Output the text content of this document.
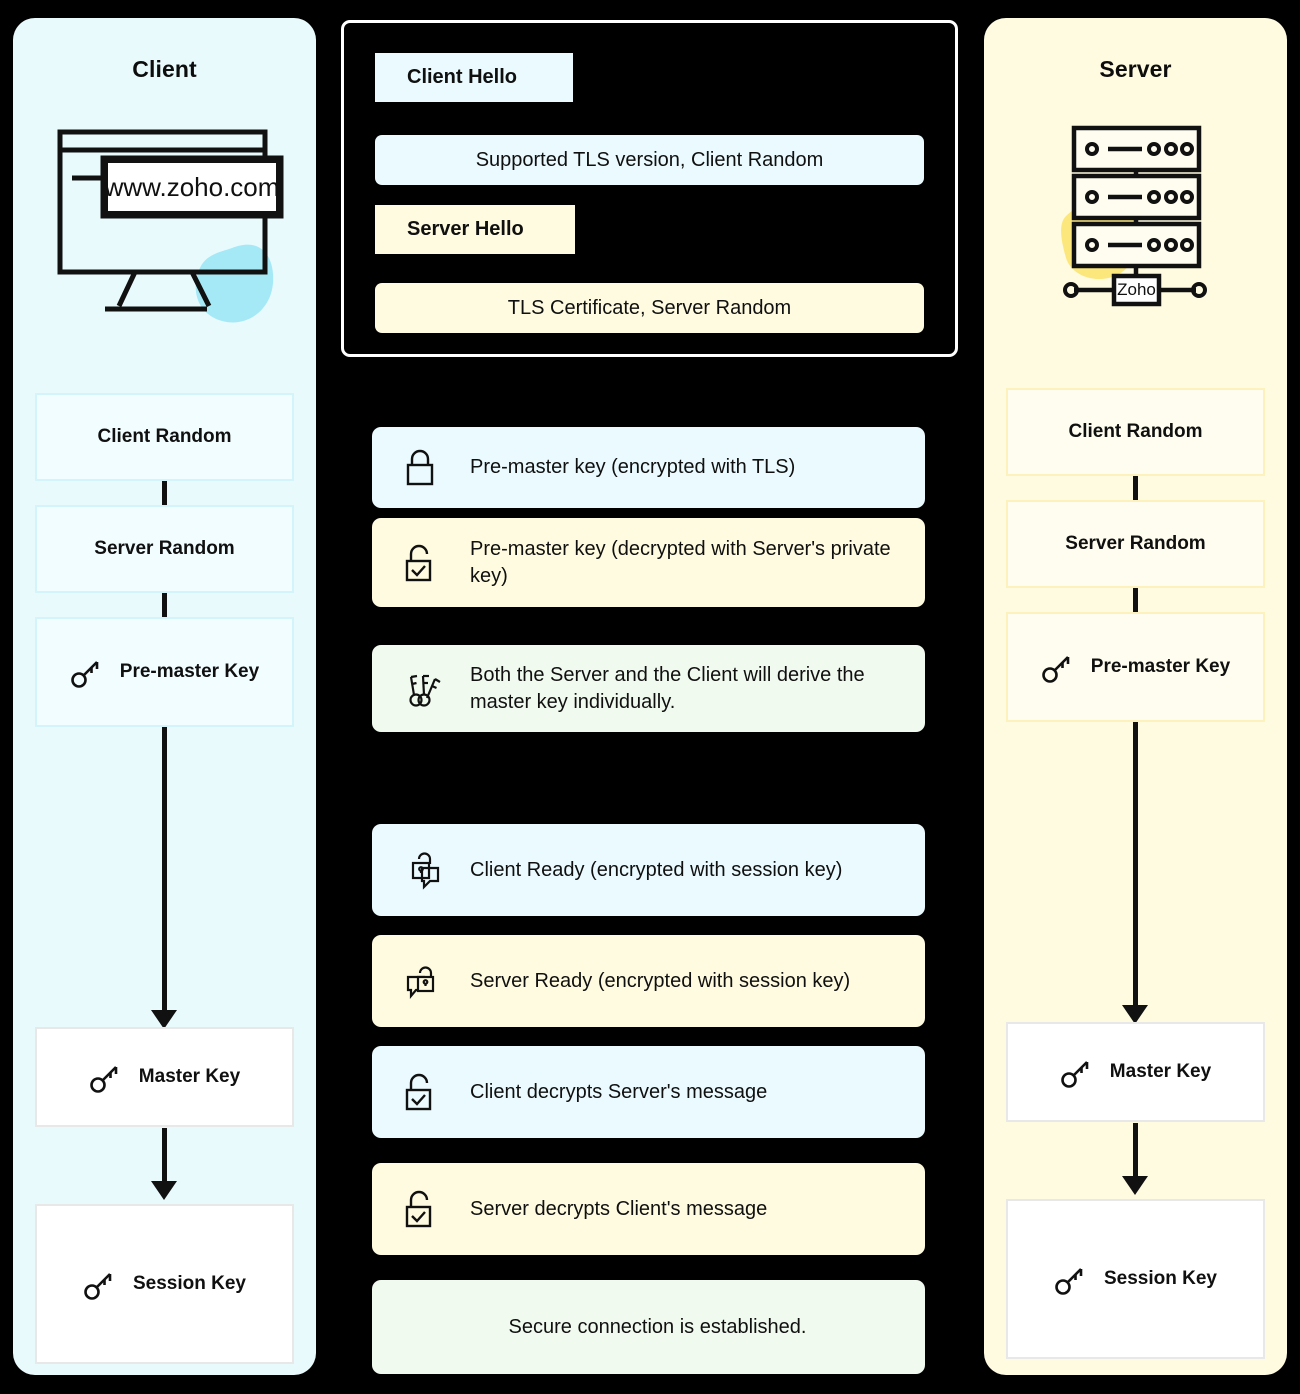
Client
www.zoho.com
Client Random
Server Random
Pre-master Key
Master Key
Session Key
Server
Zoho
Client Random
Server Random
Pre-master Key
Master Key
Session Key
Client Hello
Supported TLS version, Client Random
Server Hello
TLS Certificate, Server Random
Pre-master key (encrypted with TLS)
Pre-master key (decrypted with Server's private key)
Both the Server and the Client will derive the master key individually.
Client Ready (encrypted with session key)
Server Ready (encrypted with session key)
Client decrypts Server's message
Server decrypts Client's message
Secure connection is established.
